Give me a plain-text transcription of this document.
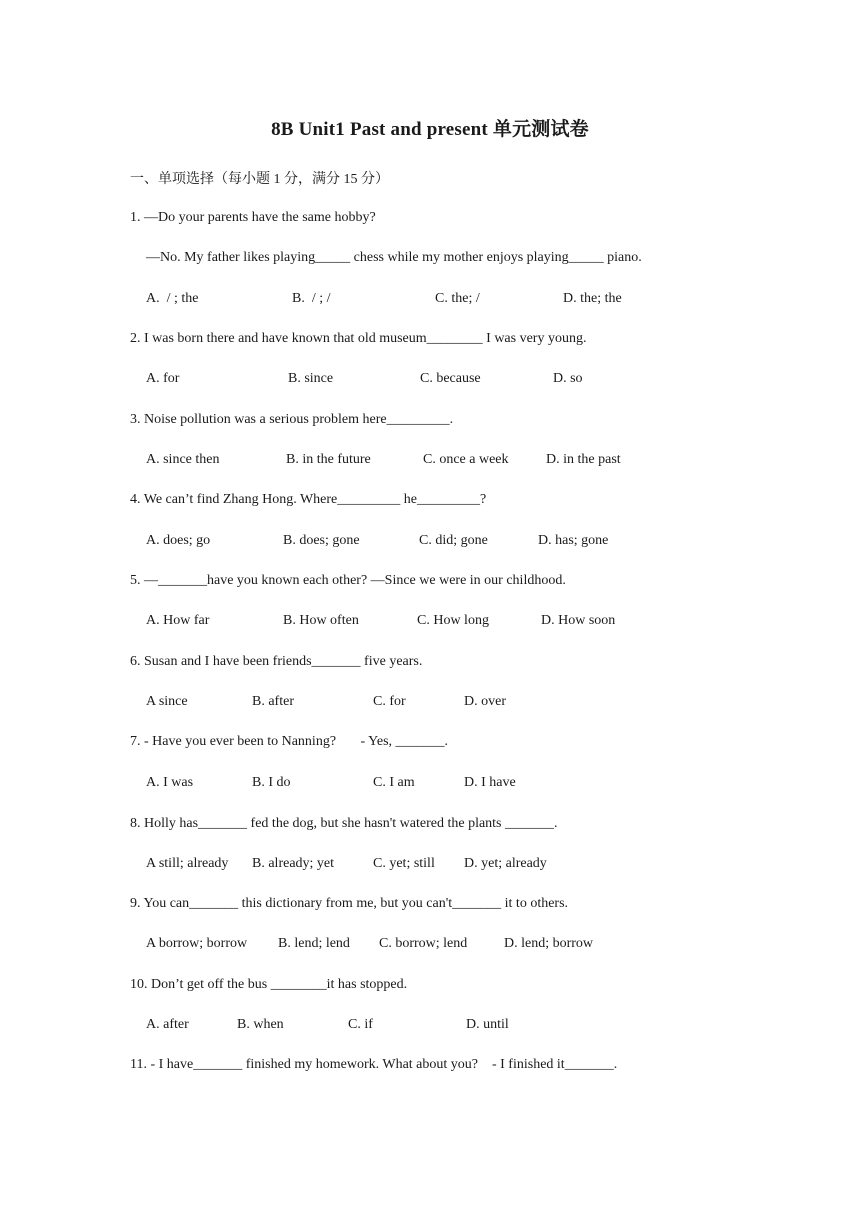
8B Unit1 Past and present 单元测试卷
一、单项选择（每小题 1 分，满分 15 分）
1. —Do your parents have the same hobby?
—No. My father likes playing_____ chess while my mother enjoys playing_____ piano.
A.  / ; the	B.  / ; /	C. the; /	D. the; the
2. I was born there and have known that old museum________ I was very young.
A. for	B. since	C. because	D. so
3. Noise pollution was a serious problem here_________.
A. since then	B. in the future	C. once a week	D. in the past
4. We can’t find Zhang Hong. Where_________ he_________?
A. does; go	B. does; gone	C. did; gone	D. has; gone
5. —_______have you known each other? —Since we were in our childhood.
A. How far	B. How often	C. How long	D. How soon
6. Susan and I have been friends_______ five years.
A since	B. after	C. for	D. over
7. - Have you ever been to Nanning?       - Yes, _______.
A. I was	B. I do	C. I am	D. I have
8. Holly has_______ fed the dog, but she hasn't watered the plants _______.
A still; already B. already; yet	C. yet; still D. yet; already
9. You can_______ this dictionary from me, but you can't_______ it to others.
A borrow; borrow B. lend; lend C. borrow; lend	D. lend; borrow
10. Don’t get off the bus ________it has stopped.
A. after	B. when	C. if	D. until
11. - I have_______ finished my homework. What about you?    - I finished it_______.
